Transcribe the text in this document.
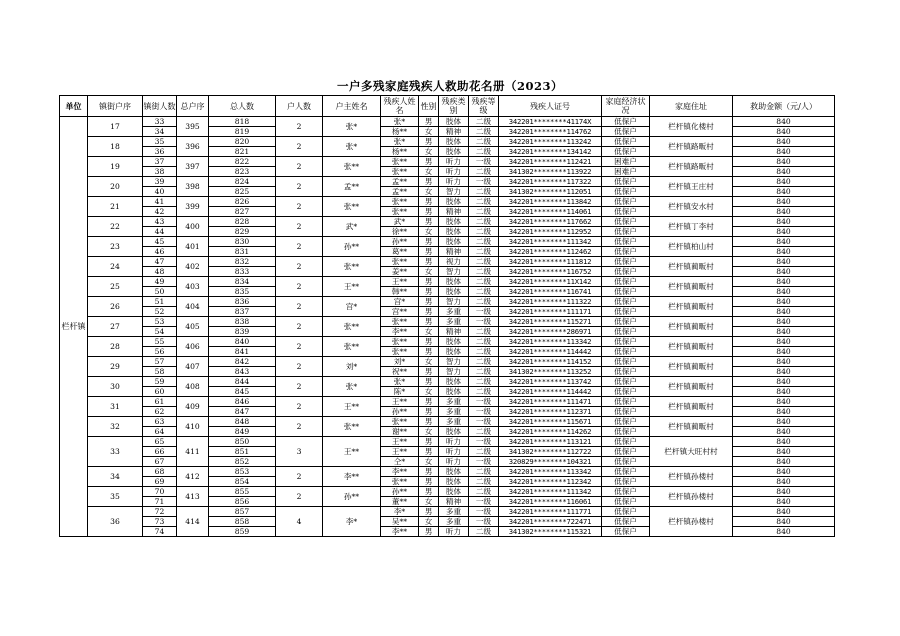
一户多残家庭残疾人救助花名册（2023）
单位	镇街户序	镇街人数	总户序	总人数	户人数	户主姓名	残疾人姓名	性别	残疾类别	残疾等级	残疾人证号	家庭经济状况	家庭住址	救助金额（元/人）
栏杆镇	17	33	395	818	2	张*	张*	男	肢体	二级	342201********41174X	低保户	栏杆镇化楼村	840
		34		819			杨**	女	精神	二级	342201********114762	低保户		840
	18	35	396	820	2	张*	张*	男	肢体	二级	342201********113242	低保户	栏杆镇路畈村	840
		36		821			杨**	女	肢体	二级	342201********134142	低保户		840
	19	37	397	822	2	张**	张**	男	听力	一级	342201********112421	困难户	栏杆镇路畈村	840
		38		823			张**	女	听力	二级	341302********113922	困难户		840
	20	39	398	824	2	孟**	孟**	男	听力	一级	342201********117322	低保户	栏杆镇王庄村	840
		40		825			孟**	女	智力	二级	341302********112051	低保户		840
	21	41	399	826	2	张**	张**	男	肢体	二级	342201********113842	低保户	栏杆镇安水村	840
		42		827			张**	男	精神	二级	342201********114061	低保户		840
	22	43	400	828	2	武*	武*	男	肢体	二级	342201********117662	低保户	栏杆镇丁李村	840
		44		829			徐**	女	肢体	二级	342201********112952	低保户		840
	23	45	401	830	2	孙**	孙**	男	肢体	二级	342201********111342	低保户	栏杆镇柏山村	840
		46		831			葛**	男	精神	二级	342201********112462	低保户		840
	24	47	402	832	2	张**	张**	男	视力	二级	342201********111812	低保户	栏杆镇蔺畈村	840
		48		833			姜**	女	智力	二级	342201********116752	低保户		840
	25	49	403	834	2	王**	王**	男	肢体	二级	342201********11X142	低保户	栏杆镇蔺畈村	840
		50		835			韩**	男	肢体	二级	342201********116741	低保户		840
	26	51	404	836	2	宫*	宫*	男	智力	二级	342201********111322	低保户	栏杆镇蔺畈村	840
		52		837			宫**	男	多重	一级	342201********111171	低保户		840
	27	53	405	838	2	张**	张**	男	多重	一级	342201********115271	低保户	栏杆镇蔺畈村	840
		54		839			李**	女	精神	二级	342201********286971	低保户		840
	28	55	406	840	2	张**	张**	男	肢体	二级	342201********113342	低保户	栏杆镇蔺畈村	840
		56		841			张**	男	肢体	二级	342201********114442	低保户		840
	29	57	407	842	2	刘*	刘*	女	智力	二级	342201********114152	低保户	栏杆镇蔺畈村	840
		58		843			祝**	男	智力	二级	341302********113252	低保户		840
	30	59	408	844	2	张*	张*	男	肢体	二级	342201********113742	低保户	栏杆镇蔺畈村	840
		60		845			陈*	女	肢体	二级	342201********114442	低保户		840
	31	61	409	846	2	王**	王**	男	多重	一级	342201********111471	低保户	栏杆镇蔺畈村	840
		62		847			孙**	男	多重	一级	342201********112371	低保户		840
	32	63	410	848	2	张**	张**	男	多重	一级	342201********115671	低保户	栏杆镇蔺畈村	840
		64		849			谢**	女	肢体	二级	342201********114262	低保户		840
	33	65	411	850	3	王**	王**	男	听力	一级	342201********113121	低保户	栏杆镇大旺村村	840
		66		851			王**	男	听力	二级	341302********112722	低保户		840
		67		852			仝*	女	听力	一级	320829********104321	低保户		840
	34	68	412	853	2	李**	李**	男	肢体	二级	342201********113342	低保户	栏杆镇孙楼村	840
		69		854			张**	男	肢体	二级	342201********112342	低保户		840
	35	70	413	855	2	孙**	孙**	男	肢体	二级	342201********111342	低保户	栏杆镇孙楼村	840
		71		856			董**	女	精神	一级	342201********116061	低保户		840
	36	72	414	857	4	李*	李*	男	多重	一级	342201********111771	低保户	栏杆镇孙楼村	840
		73		858			吴**	女	多重	一级	342201********722471	低保户		840
		74		859			李**	男	听力	二级	341302********115321	低保户		840
